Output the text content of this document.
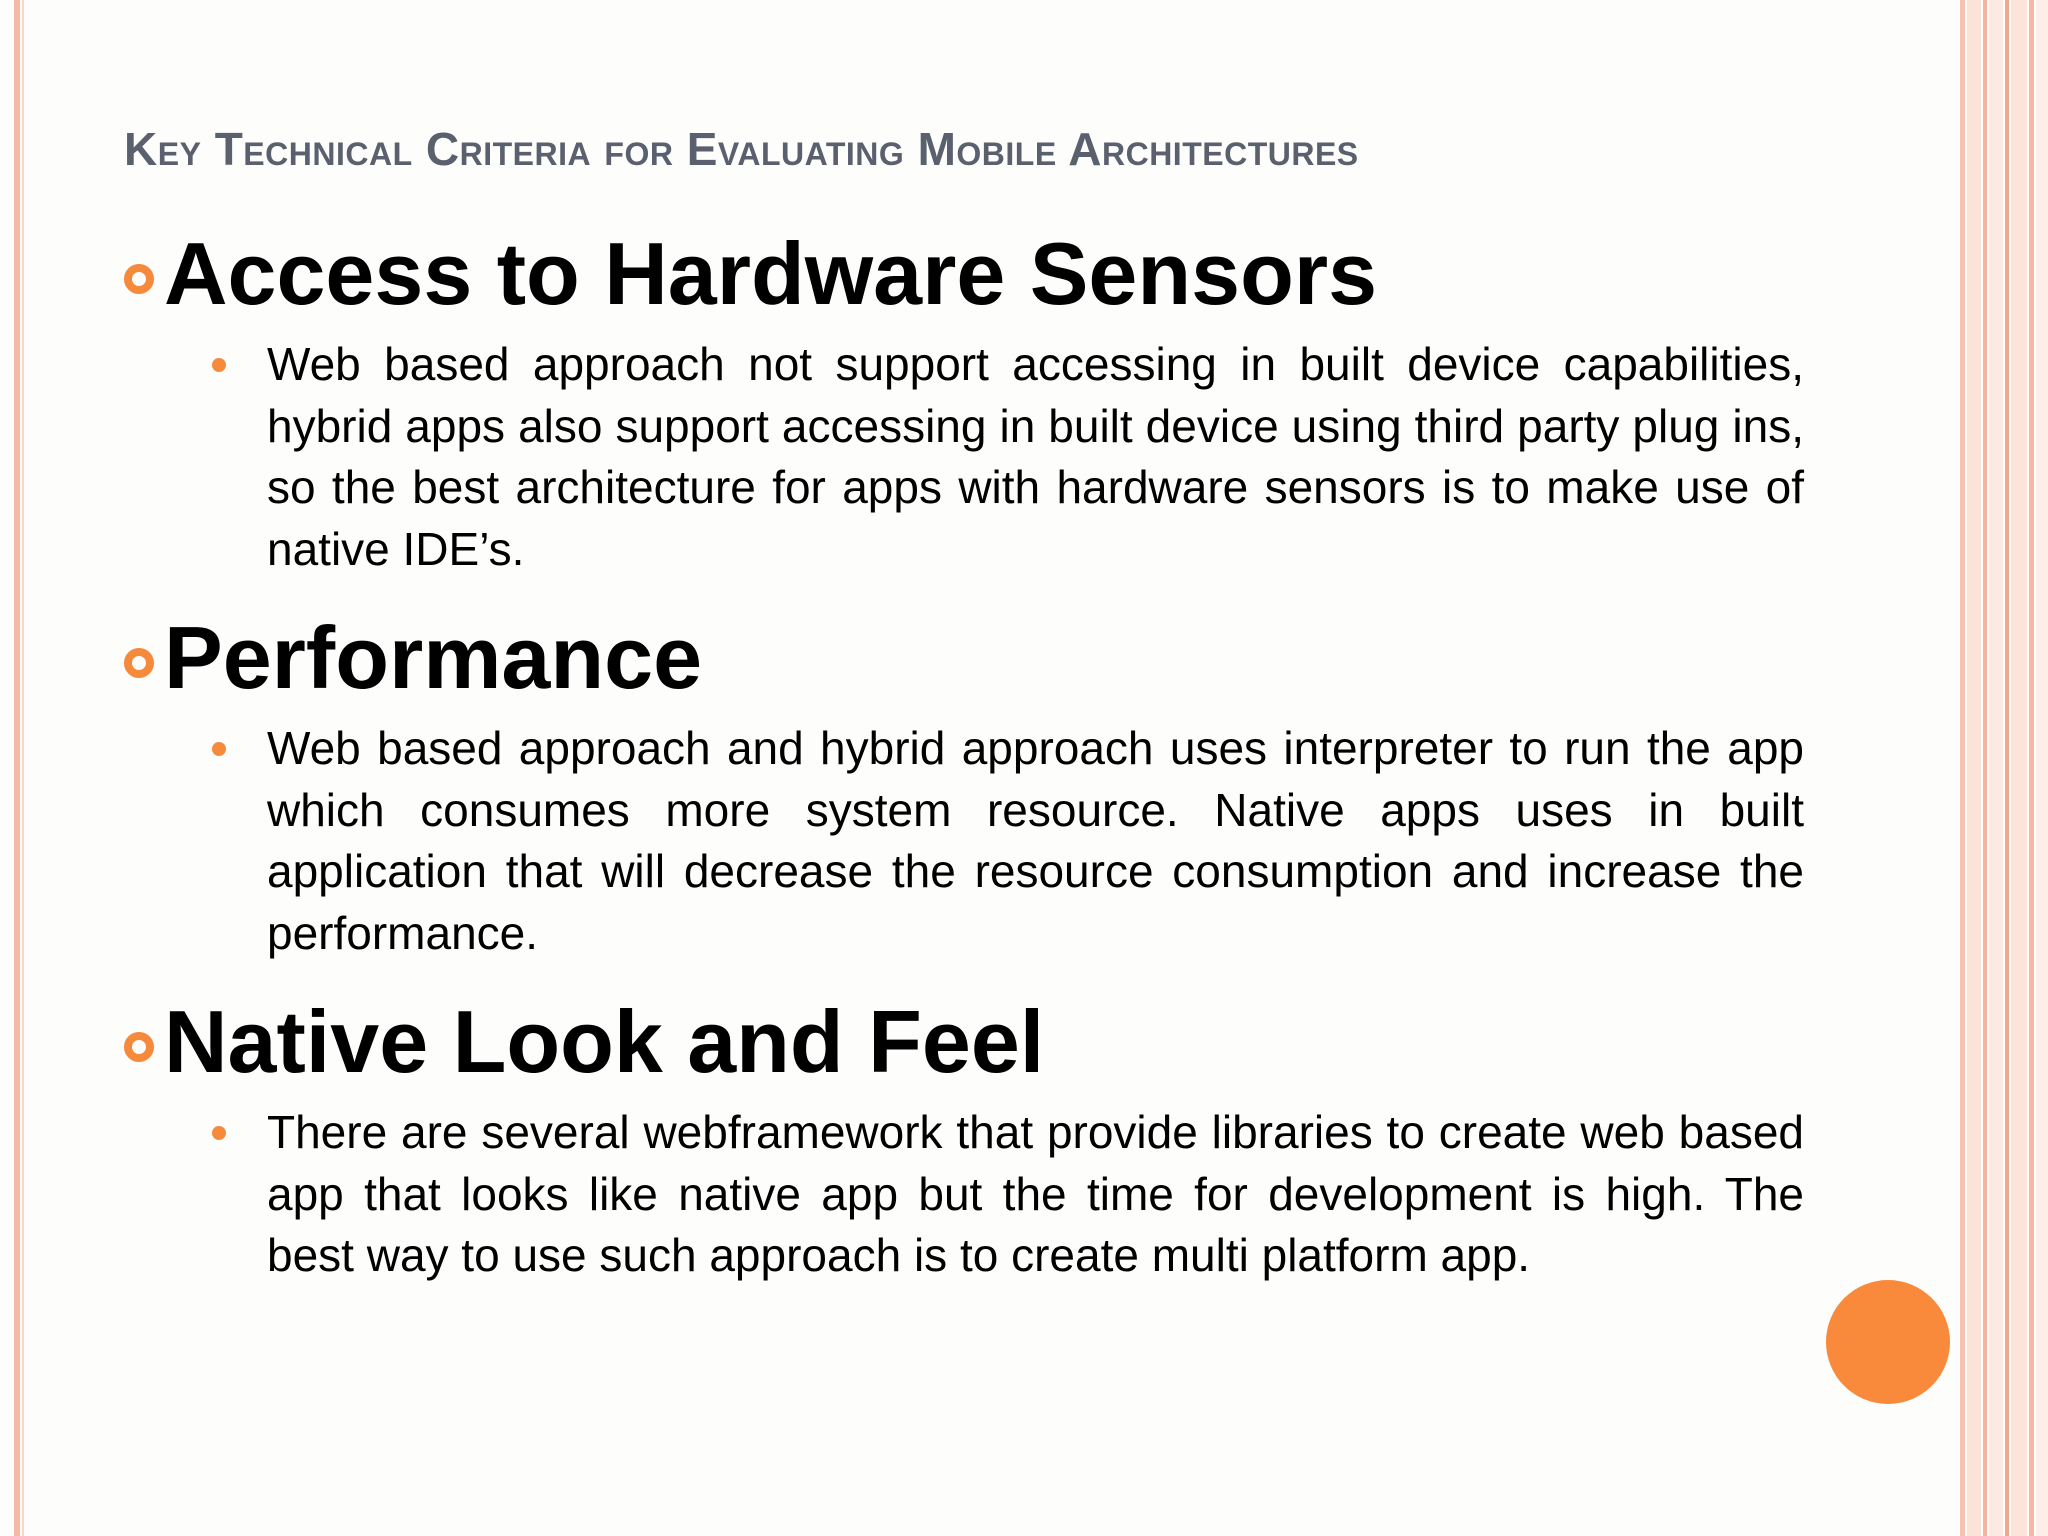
Key Technical Criteria for Evaluating Mobile Architectures
Access to Hardware Sensors
Web based approach not support accessing in built device capabilities, hybrid apps also support accessing in built device using third party plug ins, so the best architecture for apps with hardware sensors is to make use of native IDE’s.
Performance
Web based approach and hybrid approach uses interpreter to run the app which consumes more system resource. Native apps uses in built application that will decrease the resource consumption and increase the performance.
Native Look and Feel
There are several webframework that provide libraries to create web based app that looks like native app but the time for development is high. The best way to use such approach is to create multi platform app.
